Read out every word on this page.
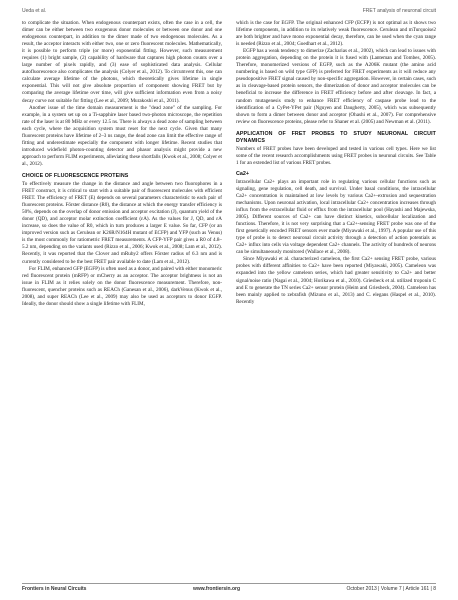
Ueda et al.	FRET analysis of neuronal circuit

to complicate the situation. When endogenous counterpart exists, often the case in a cell, the dimer can be either between two exogenous donor molecules or between one donor and one endogenous counterpart, in addition to the dimer made of two endogenous molecules. As a result, the acceptor interacts with either two, one or zero fluorescent molecules. Mathematically, it is possible to perform triple (or more) exponential fitting. However, such measurement requires (1) bright sample, (2) capability of hardware that captures high photon counts over a large number of pixels rapidly, and (3) ease of sophisticated data analysis. Cellular autofluorescence also complicates the analysis (Colyer et al., 2012). To circumvent this, one can calculate average lifetime of the photons, which theoretically gives lifetime in single exponential. This will not give absolute proportion of component showing FRET but by comparing the average lifetime over time, will give sufficient information even from a noisy decay curve not suitable for fitting (Lee et al., 2009; Murakoshi et al., 2011).

Another issue of the time domain measurement is the "dead zone" of the sampling. For example, in a system set up on a Ti-sapphire laser based two-photon microscope, the repetition rate of the laser is at 80 MHz or every 12.5 ns. There is always a dead zone of sampling between each cycle, where the acquisition system must reset for the next cycle. Given that many fluorescent proteins have lifetime of 2–3 ns range, the dead zone can limit the effective range of fitting and underestimate especially the component with longer lifetime. Recent studies that introduced widefield photon-counting detector and phasor analysis might provide a new approach to perform FLIM experiments, alleviating these shortfalls (Kwok et al., 2008; Colyer et al., 2012).

CHOICE OF FLUORESCENCE PROTEINS

To effectively measure the change in the distance and angle between two fluorophores in a FRET construct, it is critical to start with a suitable pair of fluorescent molecules with efficient FRET. The efficiency of FRET (E) depends on several parameters characteristic to each pair of fluorescent proteins. Förster distance (R0), the distance at which the energy transfer efficiency is 50%, depends on the overlap of donor emission and acceptor excitation (J), quantum yield of the donor (QD), and acceptor molar extinction coefficient (εA). As the values for J, QD, and εA increase, so does the value of R0, which in turn produces a larger E value. So far, CFP (or an improved version such as Cerulean or K26R/N164H mutant of ECFP) and YFP (such as Venus) is the most commonly for ratiometric FRET measurements. A CFP-YFP pair gives a R0 of 4.8–5.2 nm, depending on the variants used (Rizzo et al., 2006; Kwok et al., 2008; Lam et al., 2012). Recently, it was reported that the Clover and mRuby2 offers Förster radius of 6.3 nm and is currently considered to be the best FRET pair available to date (Lam et al., 2012).

For FLIM, enhanced GFP (EGFP) is often used as a donor, and paired with either monomeric red fluorescent protein (mRFP) or mCherry as an acceptor. The acceptor brightness is not an issue in FLIM as it relies solely on the donor fluorescence measurement. Therefore, non-fluorescent, quencher proteins such as REACh (Ganesan et al., 2006), darkVenus (Kwok et al., 2008), and super REACh (Lee et al., 2009) may also be used as acceptors to donor EGFP. Ideally, the donor should show a single lifetime with FLIM,

which is the case for EGFP. The original enhanced CFP (ECFP) is not optimal as it shows two lifetime components, in addition to its relatively weak fluorescence. Cerulean and mTurquoise2 are both brighter and have mono exponential decay, therefore, can be used when the cyan range is needed (Rizzo et al., 2004; Goedhart et al., 2012).

EGFP has a weak tendency to dimerize (Zacharias et al., 2002), which can lead to issues with protein aggregation, depending on the protein it is fused with (Lanteman and Tombes, 2005). Therefore, monomerized versions of EGFP, such as the A206K mutant (the amino acid numbering is based on wild type GFP) is preferred for FRET experiments as it will reduce any pseudopositive FRET signal caused by non-specific aggregation. However, in certain cases, such as in cleavage-based protein sensors, the dimerization of donor and acceptor molecules can be beneficial to increase the difference in FRET efficiency before and after cleavage. In fact, a random mutagenesis study to enhance FRET efficiency of caspase probe lead to the identification of a CyPet-YPet pair (Nguyen and Daugherty, 2005), which was subsequently shown to form a dimer between donor and acceptor (Ohashi et al., 2007). For comprehensive review on fluorescence proteins, please refer to Shaner et al. (2005) and Newman et al. (2011).

APPLICATION OF FRET PROBES TO STUDY NEURONAL CIRCUIT DYNAMICS

Numbers of FRET probes have been developed and tested in various cell types. Here we list some of the recent research accomplishments using FRET probes in neuronal circuits. See Table 1 for an extended list of various FRET probes.

Ca2+

Intracellular Ca2+ plays an important role in regulating various cellular functions such as signaling, gene regulation, cell death, and survival. Under basal conditions, the intracellular Ca2+ concentration is maintained at low levels by various Ca2+-extrusion and sequestration mechanisms. Upon neuronal activation, local intracellular Ca2+ concentration increases through influx from the extracellular fluid or efflux from the intracellular pool (Hayashi and Majewska, 2005). Different sources of Ca2+ can have distinct kinetics, subcellular localization and functions. Therefore, it is not very surprising that a Ca2+-sensing FRET probe was one of the first genetically encoded FRET sensors ever made (Miyawaki et al., 1997). A popular use of this type of probe is to detect neuronal circuit activity through a detection of action potentials as Ca2+ influx into cells via voltage dependent Ca2+ channels. The activity of hundreds of neurons can be simultaneously monitored (Wallace et al., 2008).

Since Miyawaki et al. characterized cameleon, the first Ca2+ sensing FRET probe, various probes with different affinities to Ca2+ have been reported (Miyawaki, 2005). Cameleon was expanded into the yellow cameleon series, which had greater sensitivity to Ca2+ and better signal/noise ratio (Nagai et al., 2004; Horikawa et al., 2010). Griesbeck et al. utilized troponin C and E to generate the TN series Ca2+ sensor protein (Heim and Griesbeck, 2004). Cameleon has been mainly applied to zebrafish (Mizuno et al., 2013) and C. elegans (Haspel et al., 2010). Recently

Frontiers in Neural Circuits	www.frontiersin.org	October 2013 | Volume 7 | Article 161 | 8
